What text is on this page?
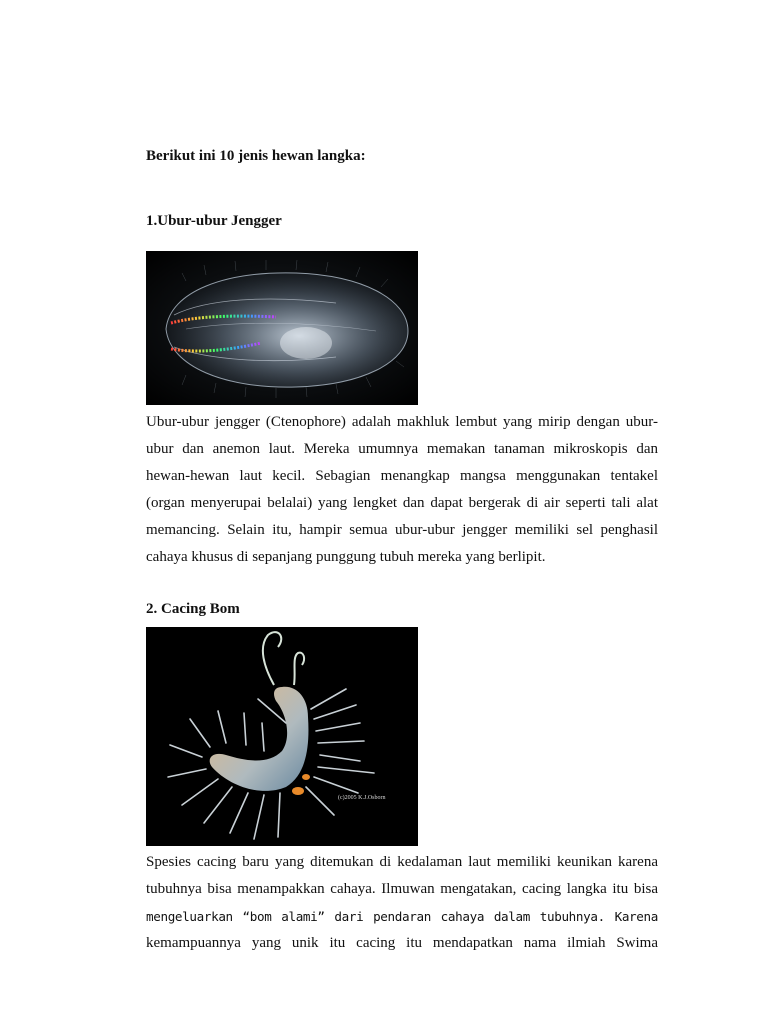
Berikut ini 10 jenis hewan langka:

1.Ubur-ubur Jengger

Ubur-ubur jengger (Ctenophore) adalah makhluk lembut yang mirip dengan ubur-
ubur dan anemon laut. Mereka umumnya memakan tanaman mikroskopis dan
hewan-hewan laut kecil. Sebagian menangkap mangsa menggunakan tentakel
(organ menyerupai belalai) yang lengket dan dapat bergerak di air seperti tali alat
memancing. Selain itu, hampir semua ubur-ubur jengger memiliki sel penghasil
cahaya khusus di sepanjang punggung tubuh mereka yang berlipit.

2. Cacing Bom

(c)2005 K.J.Osborn
Spesies cacing baru yang ditemukan di kedalaman laut memiliki keunikan karena
tubuhnya bisa menampakkan cahaya. Ilmuwan mengatakan, cacing langka itu bisa
mengeluarkan “bom alami” dari pendaran cahaya dalam tubuhnya. Karena
kemampuannya yang unik itu cacing itu mendapatkan nama ilmiah Swima
